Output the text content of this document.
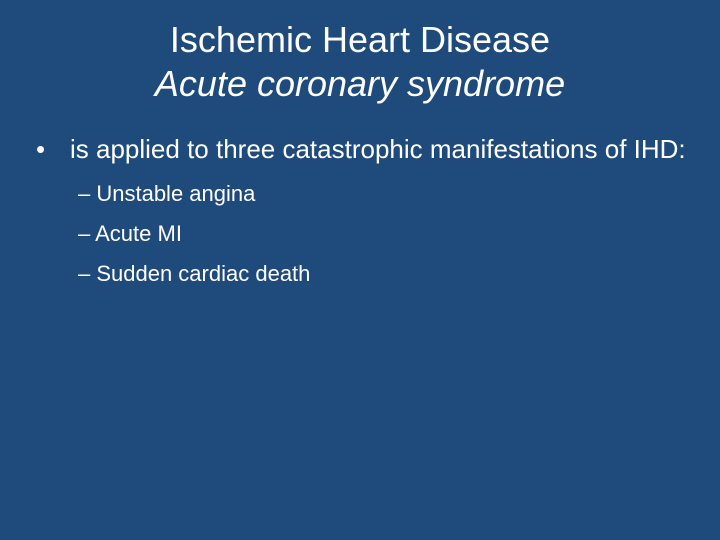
Ischemic Heart Disease
Acute coronary syndrome
• is applied to three catastrophic manifestations of IHD:
– Unstable angina
– Acute MI
– Sudden cardiac death
